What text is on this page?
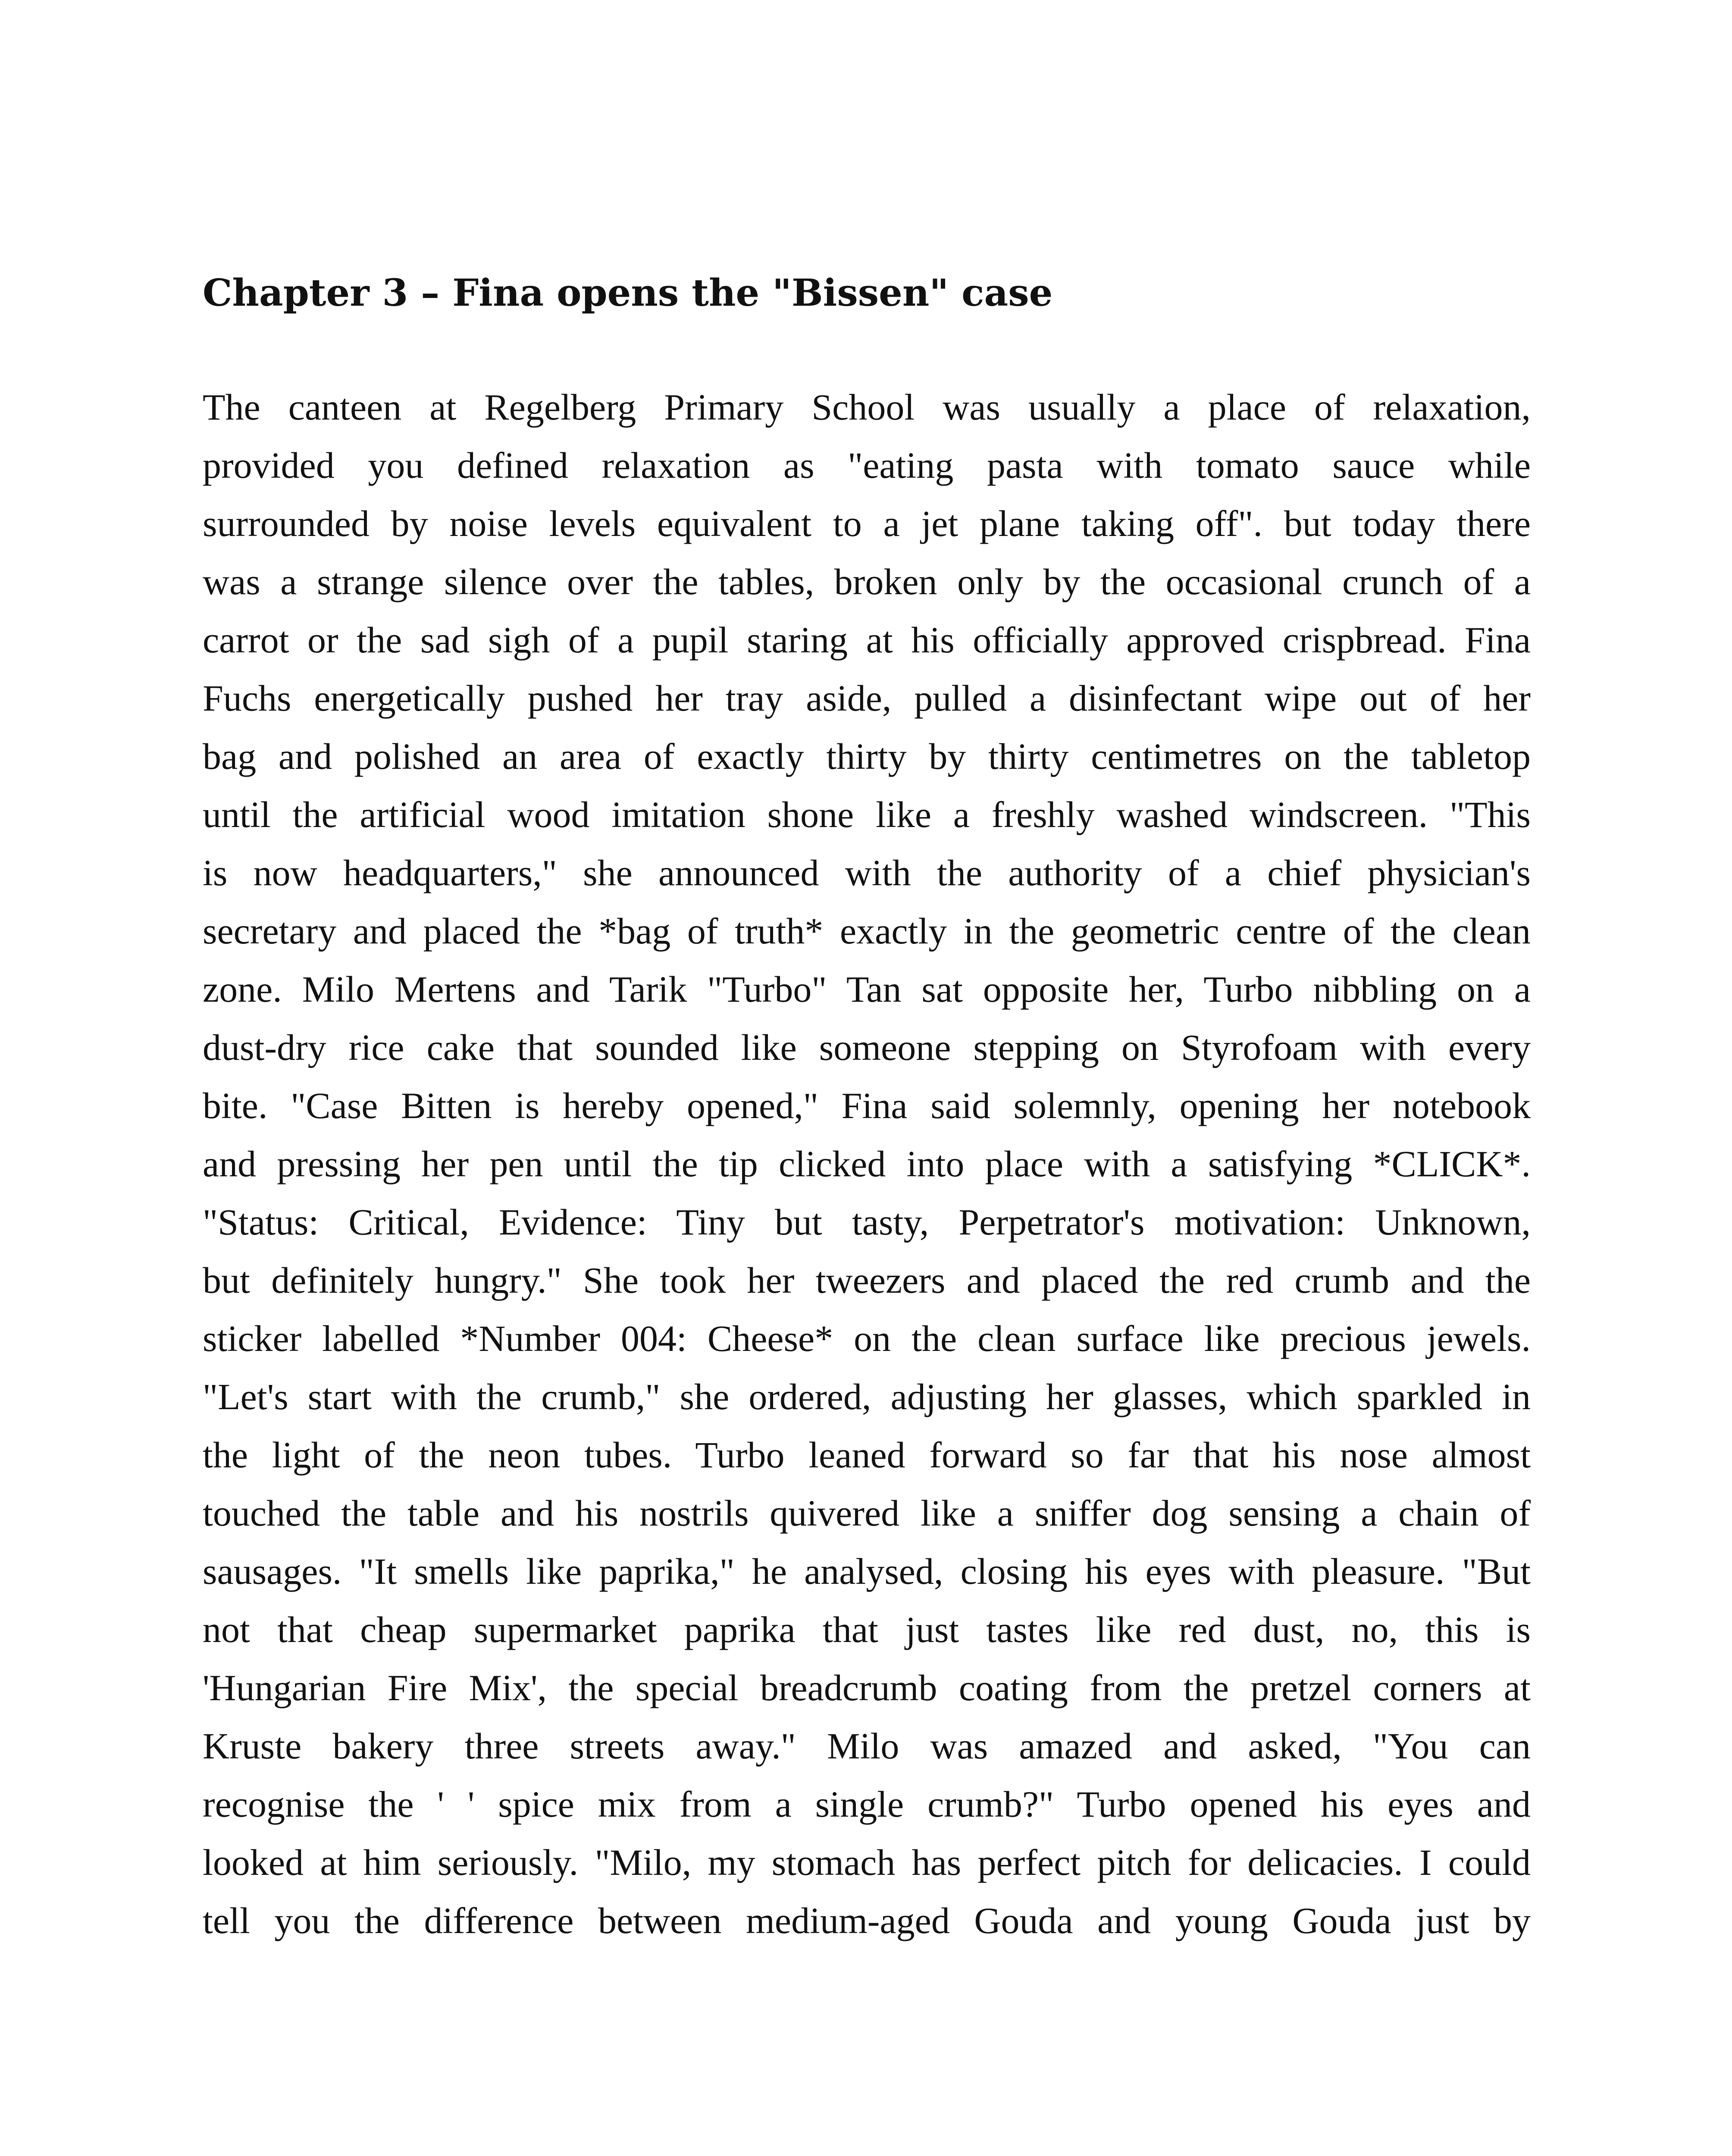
Chapter 3 – Fina opens the "Bissen" case
The canteen at Regelberg Primary School was usually a place of relaxation,
provided you defined relaxation as "eating pasta with tomato sauce while
surrounded by noise levels equivalent to a jet plane taking off". but today there
was a strange silence over the tables, broken only by the occasional crunch of a
carrot or the sad sigh of a pupil staring at his officially approved crispbread. Fina
Fuchs energetically pushed her tray aside, pulled a disinfectant wipe out of her
bag and polished an area of exactly thirty by thirty centimetres on the tabletop
until the artificial wood imitation shone like a freshly washed windscreen. "This
is now headquarters," she announced with the authority of a chief physician's
secretary and placed the *bag of truth* exactly in the geometric centre of the clean
zone. Milo Mertens and Tarik "Turbo" Tan sat opposite her, Turbo nibbling on a
dust-dry rice cake that sounded like someone stepping on Styrofoam with every
bite. "Case Bitten is hereby opened," Fina said solemnly, opening her notebook
and pressing her pen until the tip clicked into place with a satisfying *CLICK*.
"Status: Critical, Evidence: Tiny but tasty, Perpetrator's motivation: Unknown,
but definitely hungry." She took her tweezers and placed the red crumb and the
sticker labelled *Number 004: Cheese* on the clean surface like precious jewels.
"Let's start with the crumb," she ordered, adjusting her glasses, which sparkled in
the light of the neon tubes. Turbo leaned forward so far that his nose almost
touched the table and his nostrils quivered like a sniffer dog sensing a chain of
sausages. "It smells like paprika," he analysed, closing his eyes with pleasure. "But
not that cheap supermarket paprika that just tastes like red dust, no, this is
'Hungarian Fire Mix', the special breadcrumb coating from the pretzel corners at
Kruste bakery three streets away." Milo was amazed and asked, "You can
recognise the ' ' spice mix from a single crumb?" Turbo opened his eyes and
looked at him seriously. "Milo, my stomach has perfect pitch for delicacies. I could
tell you the difference between medium-aged Gouda and young Gouda just by
